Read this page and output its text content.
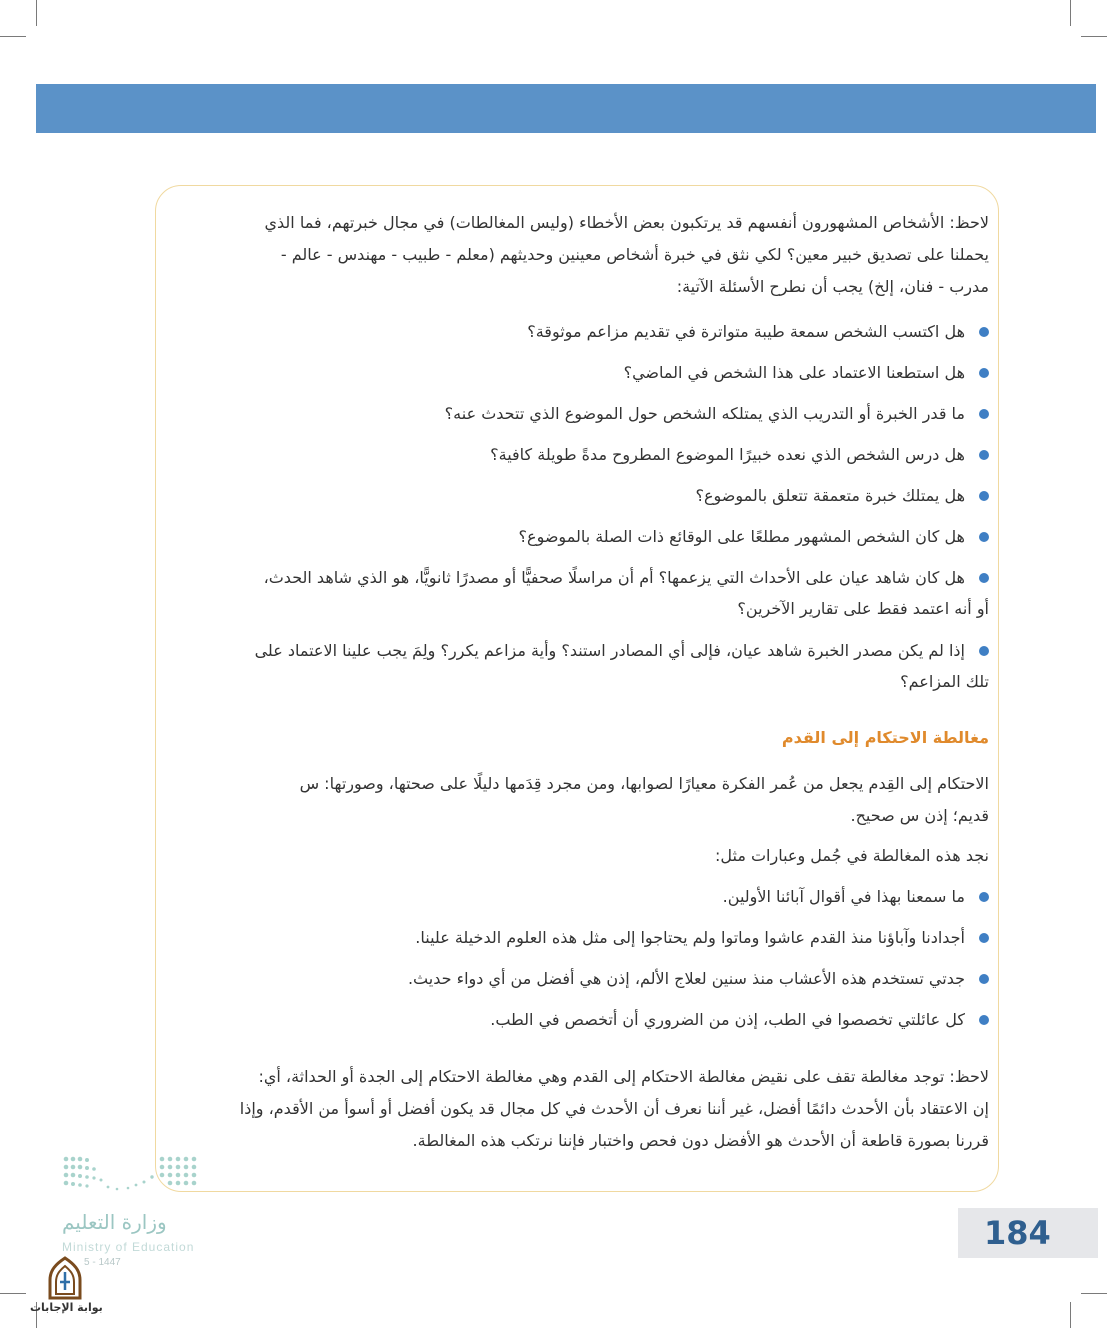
لاحظ: الأشخاص المشهورون أنفسهم قد يرتكبون بعض الأخطاء (وليس المغالطات) في مجال خبرتهم، فما الذي
يحملنا على تصديق خبير معين؟ لكي نثق في خبرة أشخاص معينين وحديثهم (معلم - طبيب - مهندس - عالم -
مدرب - فنان، إلخ) يجب أن نطرح الأسئلة الآتية:
هل اكتسب الشخص سمعة طيبة متواترة في تقديم مزاعم موثوقة؟
هل استطعنا الاعتماد على هذا الشخص في الماضي؟
ما قدر الخبرة أو التدريب الذي يمتلكه الشخص حول الموضوع الذي تتحدث عنه؟
هل درس الشخص الذي نعده خبيرًا الموضوع المطروح مدةً طويلة كافية؟
هل يمتلك خبرة متعمقة تتعلق بالموضوع؟
هل كان الشخص المشهور مطلعًا على الوقائع ذات الصلة بالموضوع؟
هل كان شاهد عيان على الأحداث التي يزعمها؟ أم أن مراسلًا صحفيًّا أو مصدرًا ثانويًّا، هو الذي شاهد الحدث،
أو أنه اعتمد فقط على تقارير الآخرين؟
إذا لم يكن مصدر الخبرة شاهد عيان، فإلى أي المصادر استند؟ وأية مزاعم يكرر؟ ولِمَ يجب علينا الاعتماد على
تلك المزاعم؟
مغالطة الاحتكام إلى القدم
الاحتكام إلى القِدم يجعل من عُمر الفكرة معيارًا لصوابها، ومن مجرد قِدَمها دليلًا على صحتها، وصورتها: س
قديم؛ إذن س صحيح.
نجد هذه المغالطة في جُمل وعبارات مثل:
ما سمعنا بهذا في أقوال آبائنا الأولين.
أجدادنا وآباؤنا منذ القدم عاشوا وماتوا ولم يحتاجوا إلى مثل هذه العلوم الدخيلة علينا.
جدتي تستخدم هذه الأعشاب منذ سنين لعلاج الألم، إذن هي أفضل من أي دواء حديث.
كل عائلتي تخصصوا في الطب، إذن من الضروري أن أتخصص في الطب.
لاحظ: توجد مغالطة تقف على نقيض مغالطة الاحتكام إلى القدم وهي مغالطة الاحتكام إلى الجدة أو الحداثة، أي:
إن الاعتقاد بأن الأحدث دائمًا أفضل، غير أننا نعرف أن الأحدث في كل مجال قد يكون أفضل أو أسوأ من الأقدم، وإذا
قررنا بصورة قاطعة أن الأحدث هو الأفضل دون فحص واختبار فإننا نرتكب هذه المغالطة.
184
وزارة التعليم
Ministry of Education
5 - 1447
بوابة الإجابات
